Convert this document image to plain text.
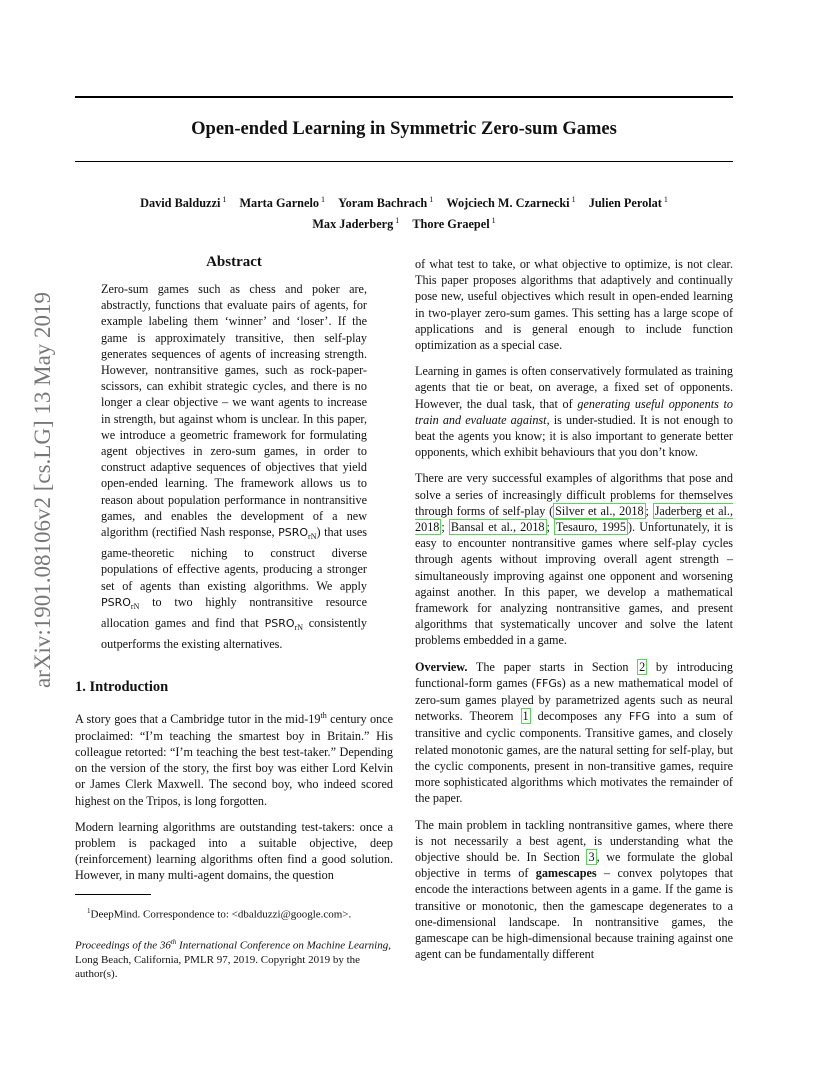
arXiv:1901.08106v2 [cs.LG] 13 May 2019
Open-ended Learning in Symmetric Zero-sum Games
David Balduzzi $^1$ Marta Garnelo $^1$ Yoram Bachrach $^1$ Wojciech M. Czarnecki $^1$ Julien Perolat $^1$
Max Jaderberg $^1$ Thore Graepel $^1$
Abstract
Zero-sum games such as chess and poker are, abstractly, functions that evaluate pairs of agents, for example labeling them ‘winner’ and ‘loser’. If the game is approximately transitive, then self-play generates sequences of agents of increasing strength. However, nontransitive games, such as rock-paper-scissors, can exhibit strategic cycles, and there is no longer a clear objective – we want agents to increase in strength, but against whom is unclear. In this paper, we introduce a geometric framework for formulating agent objectives in zero-sum games, in order to construct adaptive sequences of objectives that yield open-ended learning. The framework allows us to reason about population performance in nontransitive games, and enables the development of a new algorithm (rectified Nash response, $PSRO_{rN}$) that uses game-theoretic niching to construct diverse populations of effective agents, producing a stronger set of agents than existing algorithms. We apply $PSRO_{rN}$ to two highly nontransitive resource allocation games and find that $PSRO_{rN}$ consistently outperforms the existing alternatives.
1. Introduction

A story goes that a Cambridge tutor in the mid-19th century once proclaimed: “I’m teaching the smartest boy in Britain.” His colleague retorted: “I’m teaching the best test-taker.” Depending on the version of the story, the first boy was either Lord Kelvin or James Clerk Maxwell. The second boy, who indeed scored highest on the Tripos, is long forgotten.

Modern learning algorithms are outstanding test-takers: once a problem is packaged into a suitable objective, deep (reinforcement) learning algorithms often find a good solution. However, in many multi-agent domains, the question

$^1$DeepMind. Correspondence to: <dbalduzzi@google.com>.
Proceedings of the 36th International Conference on Machine Learning, Long Beach, California, PMLR 97, 2019. Copyright 2019 by the author(s).

of what test to take, or what objective to optimize, is not clear. This paper proposes algorithms that adaptively and continually pose new, useful objectives which result in open-ended learning in two-player zero-sum games. This setting has a large scope of applications and is general enough to include function optimization as a special case.

Learning in games is often conservatively formulated as training agents that tie or beat, on average, a fixed set of opponents. However, the dual task, that of generating useful opponents to train and evaluate against, is under-studied. It is not enough to beat the agents you know; it is also important to generate better opponents, which exhibit behaviours that you don’t know.

There are very successful examples of algorithms that pose and solve a series of increasingly difficult problems for themselves through forms of self-play ( Silver et al., 2018 ; Jaderberg et al., 2018 ; Bansal et al., 2018 ; Tesauro, 1995 ). Unfortunately, it is easy to encounter nontransitive games where self-play cycles through agents without improving overall agent strength – simultaneously improving against one opponent and worsening against another. In this paper, we develop a mathematical framework for analyzing nontransitive games, and present algorithms that systematically uncover and solve the latent problems embedded in a game.

Overview. The paper starts in Section 2 by introducing functional-form games (FFGs) as a new mathematical model of zero-sum games played by parametrized agents such as neural networks. Theorem 1 decomposes any FFG into a sum of transitive and cyclic components. Transitive games, and closely related monotonic games, are the natural setting for self-play, but the cyclic components, present in non-transitive games, require more sophisticated algorithms which motivates the remainder of the paper.

The main problem in tackling nontransitive games, where there is not necessarily a best agent, is understanding what the objective should be. In Section 3 , we formulate the global objective in terms of gamescapes – convex polytopes that encode the interactions between agents in a game. If the game is transitive or monotonic, then the gamescape degenerates to a one-dimensional landscape. In nontransitive games, the gamescape can be high-dimensional because training against one agent can be fundamentally different
